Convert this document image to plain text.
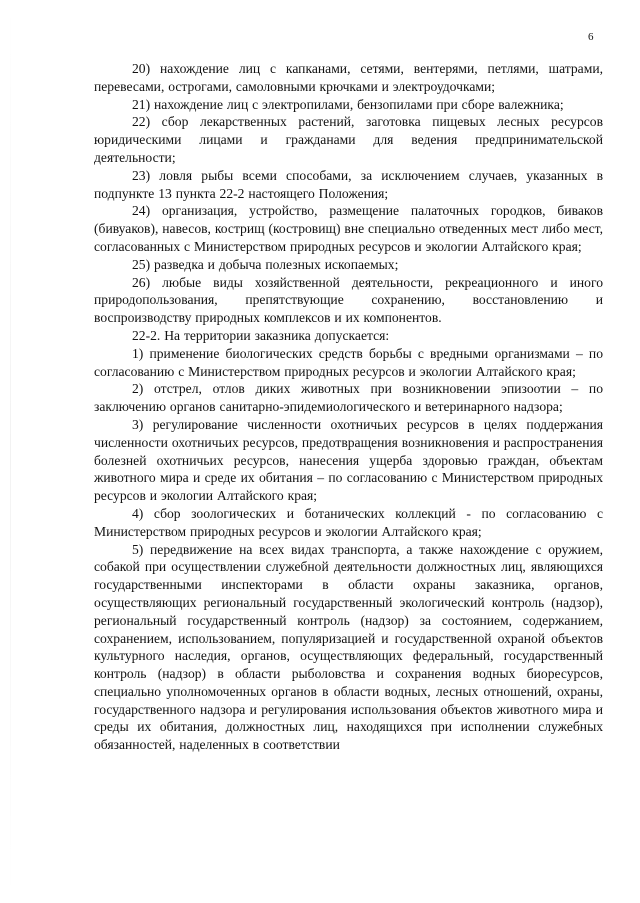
6

20) нахождение лиц с капканами, сетями, вентерями, петлями, шатрами, перевесами, острогами, самоловными крючками и электроудочками;

21) нахождение лиц с электропилами, бензопилами при сборе валежника;

22) сбор лекарственных растений, заготовка пищевых лесных ресурсов юридическими лицами и гражданами для ведения предпринимательской деятельности;

23) ловля рыбы всеми способами, за исключением случаев, указанных в подпункте 13 пункта 22-2 настоящего Положения;

24) организация, устройство, размещение палаточных городков, биваков (бивуаков), навесов, кострищ (костровищ) вне специально отведенных мест либо мест, согласованных с Министерством природных ресурсов и экологии Алтайского края;

25) разведка и добыча полезных ископаемых;

26) любые виды хозяйственной деятельности, рекреационного и иного природопользования, препятствующие сохранению, восстановлению и воспроизводству природных комплексов и их компонентов.

22-2. На территории заказника допускается:

1) применение биологических средств борьбы с вредными организмами – по согласованию с Министерством природных ресурсов и экологии Алтайского края;

2) отстрел, отлов диких животных при возникновении эпизоотии – по заключению органов санитарно-эпидемиологического и ветеринарного надзора;

3) регулирование численности охотничьих ресурсов в целях поддержания численности охотничьих ресурсов, предотвращения возникновения и распространения болезней охотничьих ресурсов, нанесения ущерба здоровью граждан, объектам животного мира и среде их обитания – по согласованию с Министерством природных ресурсов и экологии Алтайского края;

4) сбор зоологических и ботанических коллекций - по согласованию с Министерством природных ресурсов и экологии Алтайского края;

5) передвижение на всех видах транспорта, а также нахождение с оружием, собакой при осуществлении служебной деятельности должностных лиц, являющихся государственными инспекторами в области охраны заказника, органов, осуществляющих региональный государственный экологический контроль (надзор), региональный государственный контроль (надзор) за состоянием, содержанием, сохранением, использованием, популяризацией и государственной охраной объектов культурного наследия, органов, осуществляющих федеральный, государственный контроль (надзор) в области рыболовства и сохранения водных биоресурсов, специально уполномоченных органов в области водных, лесных отношений, охраны, государственного надзора и регулирования использования объектов животного мира и среды их обитания, должностных лиц, находящихся при исполнении служебных обязанностей, наделенных в соответствии
